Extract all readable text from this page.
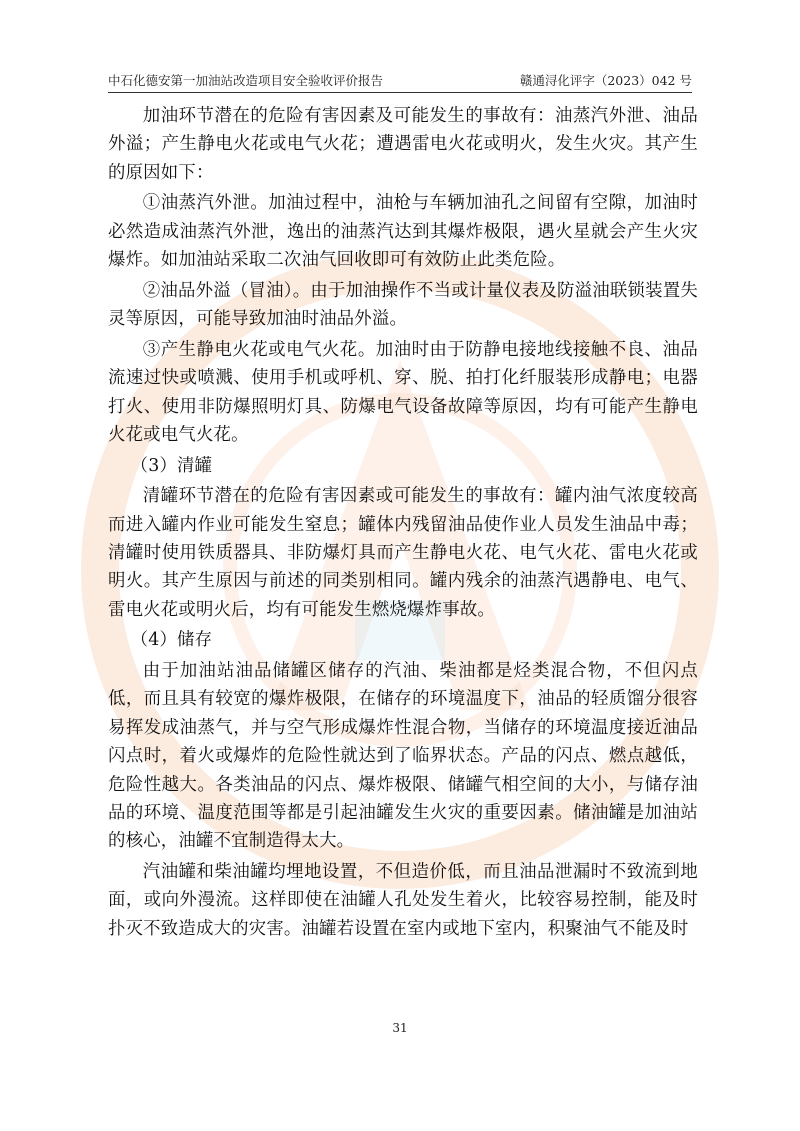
中石化德安第一加油站改造项目安全验收评价报告	赣通浔化评字（2023）042 号

加油环节潜在的危险有害因素及可能发生的事故有：油蒸汽外泄、油品外溢；产生静电火花或电气火花；遭遇雷电火花或明火，发生火灾。其产生的原因如下：

①油蒸汽外泄。加油过程中，油枪与车辆加油孔之间留有空隙，加油时必然造成油蒸汽外泄，逸出的油蒸汽达到其爆炸极限，遇火星就会产生火灾爆炸。如加油站采取二次油气回收即可有效防止此类危险。

②油品外溢（冒油）。由于加油操作不当或计量仪表及防溢油联锁装置失灵等原因，可能导致加油时油品外溢。

③产生静电火花或电气火花。加油时由于防静电接地线接触不良、油品流速过快或喷溅、使用手机或呼机、穿、脱、拍打化纤服装形成静电；电器打火、使用非防爆照明灯具、防爆电气设备故障等原因，均有可能产生静电火花或电气火花。

（3）清罐

清罐环节潜在的危险有害因素或可能发生的事故有：罐内油气浓度较高而进入罐内作业可能发生窒息；罐体内残留油品使作业人员发生油品中毒；清罐时使用铁质器具、非防爆灯具而产生静电火花、电气火花、雷电火花或明火。其产生原因与前述的同类别相同。罐内残余的油蒸汽遇静电、电气、雷电火花或明火后，均有可能发生燃烧爆炸事故。

（4）储存

由于加油站油品储罐区储存的汽油、柴油都是烃类混合物，不但闪点低，而且具有较宽的爆炸极限，在储存的环境温度下，油品的轻质馏分很容易挥发成油蒸气，并与空气形成爆炸性混合物，当储存的环境温度接近油品闪点时，着火或爆炸的危险性就达到了临界状态。产品的闪点、燃点越低，危险性越大。各类油品的闪点、爆炸极限、储罐气相空间的大小，与储存油品的环境、温度范围等都是引起油罐发生火灾的重要因素。储油罐是加油站的核心，油罐不宜制造得太大。

汽油罐和柴油罐均埋地设置，不但造价低，而且油品泄漏时不致流到地面，或向外漫流。这样即使在油罐人孔处发生着火，比较容易控制，能及时扑灭不致造成大的灾害。油罐若设置在室内或地下室内，积聚油气不能及时

31
